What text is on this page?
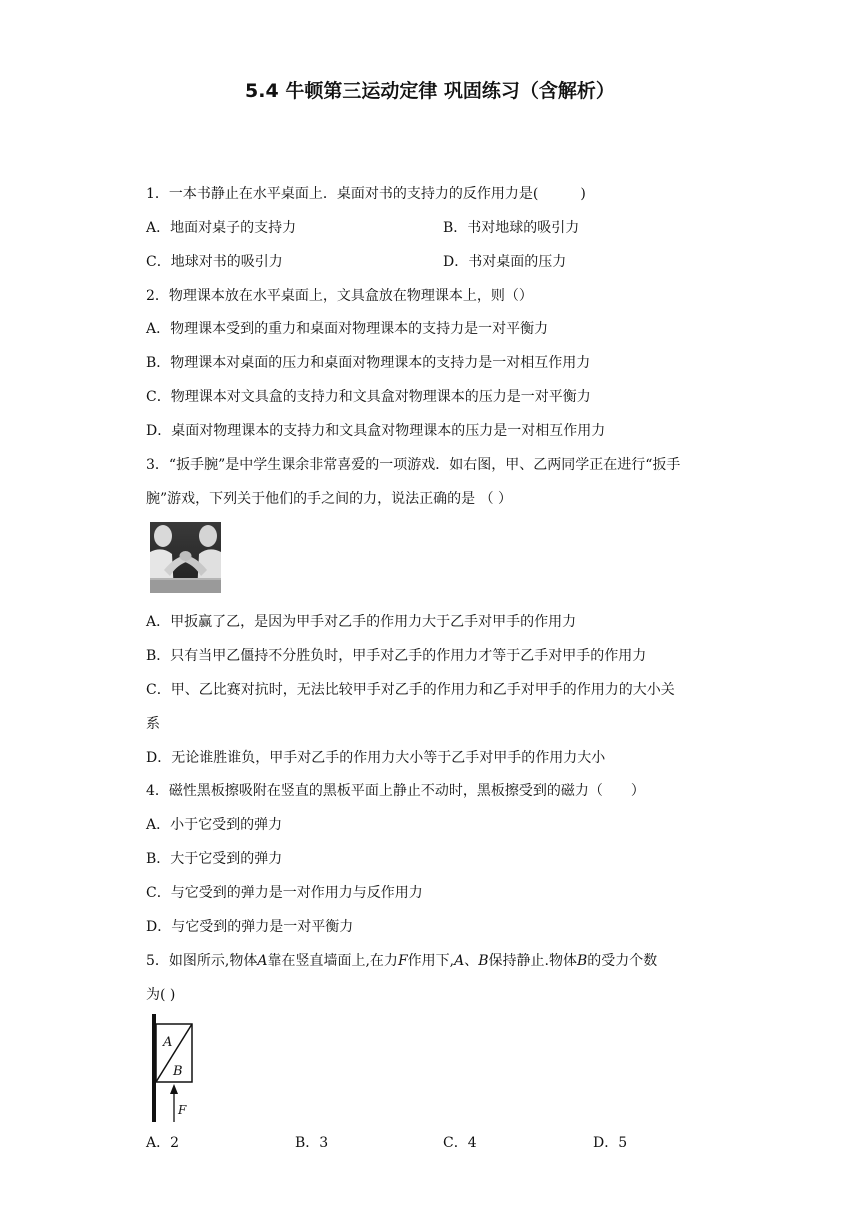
5.4 牛顿第三运动定律 巩固练习（含解析）
1．一本书静止在水平桌面上．桌面对书的支持力的反作用力是(　　　)
A．地面对桌子的支持力	B．书对地球的吸引力
C．地球对书的吸引力	D．书对桌面的压力
2．物理课本放在水平桌面上，文具盒放在物理课本上，则（）
A．物理课本受到的重力和桌面对物理课本的支持力是一对平衡力
B．物理课本对桌面的压力和桌面对物理课本的支持力是一对相互作用力
C．物理课本对文具盒的支持力和文具盒对物理课本的压力是一对平衡力
D．桌面对物理课本的支持力和文具盒对物理课本的压力是一对相互作用力
3．“扳手腕”是中学生课余非常喜爱的一项游戏．如右图，甲、乙两同学正在进行“扳手
腕”游戏，下列关于他们的手之间的力，说法正确的是 （ ）
A．甲扳赢了乙，是因为甲手对乙手的作用力大于乙手对甲手的作用力
B．只有当甲乙僵持不分胜负时，甲手对乙手的作用力才等于乙手对甲手的作用力
C．甲、乙比赛对抗时，无法比较甲手对乙手的作用力和乙手对甲手的作用力的大小关
系
D．无论谁胜谁负，甲手对乙手的作用力大小等于乙手对甲手的作用力大小
4．磁性黑板擦吸附在竖直的黑板平面上静止不动时，黑板擦受到的磁力（　　）
A．小于它受到的弹力
B．大于它受到的弹力
C．与它受到的弹力是一对作用力与反作用力
D．与它受到的弹力是一对平衡力
5．如图所示,物体A靠在竖直墙面上,在力F作用下,A、B保持静止.物体B的受力个数
为( )
A
B
F
A．2	B．3	C．4	D．5
